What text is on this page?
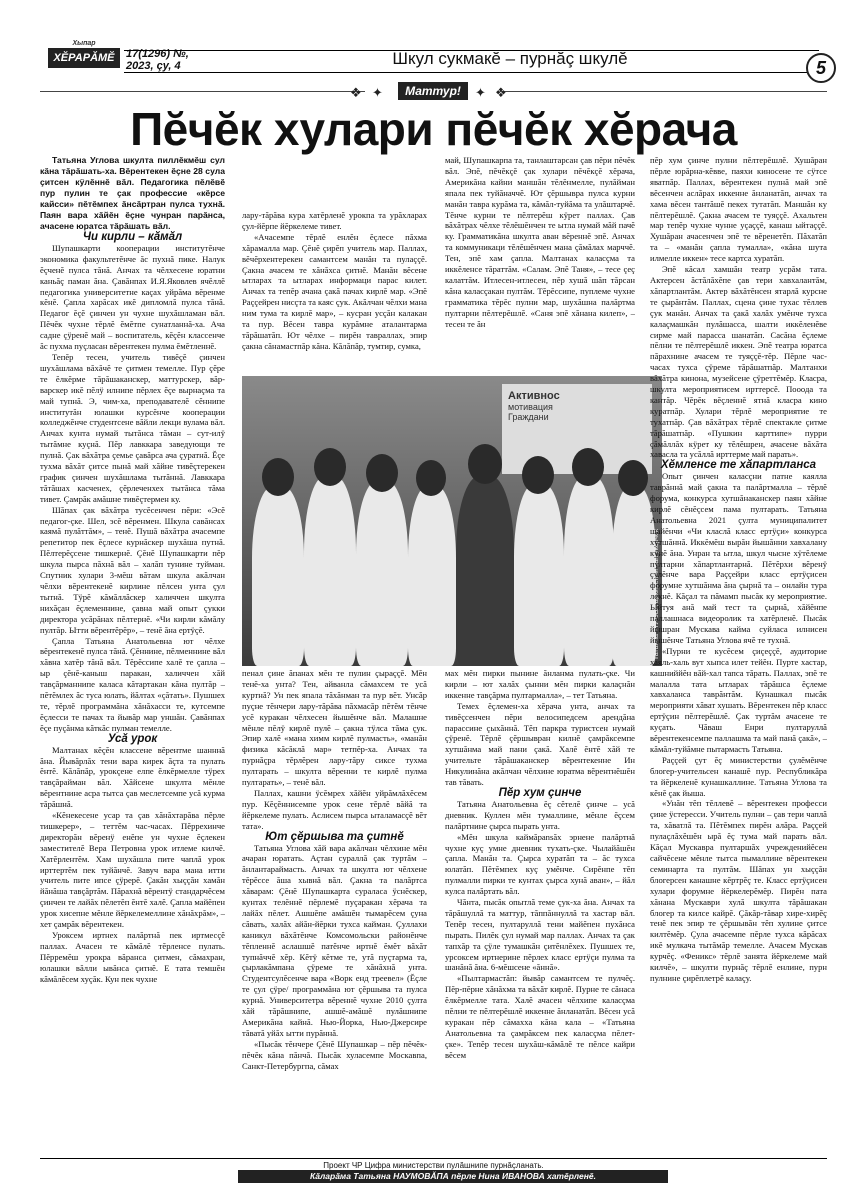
Хыпар
ХĔРАРĂМĔ	17(1296) №,
2023, çу, 4	Шкул сукмакĕ – пурнăç шкулĕ	5
❖ ✦	Маттур!	✦ ❖
Пĕчĕк хулари пĕчĕк хĕрача

Татьяна Углова шкулта пиллĕкмĕш сул кăна тăрăшать-ха. Вĕрентекен ĕçне 28 сула çитсен кÿлĕннĕ вăл. Педагогика пĕлĕвĕ пур пулин те çак профессие «кĕрсе кайсси» пĕтĕмпех ăнсăртран пулса тухнă. Паян вара хăйĕн ĕçне чунран парăнса, ачасене юратса тăрăшать вăл.

Чи кирли – кăмăл

Шупашкарти кооперации институтĕнче экономика факультетĕнче ăс пухнă пике. Налук ĕçченĕ пулса тăнă. Анчах та чĕлхесене юратни каньăç паман ăна. Çавăнпах И.Я.Яковлев ячĕллĕ педагогика университетне каçах уйрăма вĕренме кĕнĕ. Çапла харăсах икĕ дипломлă пулса тăнă. Педагог ĕçĕ çинчен ун чухне шухăшламан вăл. Пĕчĕк чухне тĕрлĕ ĕмĕтпе сунатланнă-ха. Ача садне çÿренĕ май – воспитатель, кĕçĕн классенче ăс пухма пуçласан вĕрентекен пулма ĕмĕтленнĕ.

Тепĕр тесен, учитель тивĕçĕ çинчен шухăшлама вăхăчĕ те çитмен темелле. Пур çĕре те ĕлкĕрме тăрăшаканскер, маттурскер, вăр-варскер икĕ пĕлÿ илнипе пĕрлех ĕçе вырнаçма та май тупнă. Э, чим-ха, преподавателĕ сĕннипе институтăн юлашки курсĕнче кооперации колледжĕнче студентсене вăйли лекци вулама вăл. Анчах кунта нумай тытăнса тăман – сут-илÿ тытăмне куçнă. Пĕр лавккара заведующи те пулнă. Çак вăхăтра çемье çавăрса ача çуратнă. Ĕçе тухма вăхăт çитсе пынă май хăйне тивĕçтерекен график çинчен шухăшлама тытăннă. Лавккара тăтăшах касченех, çĕрлеченхех тытăнса тăма тивет. Çамрăк амăшне тивĕçтермен ку.

Шăпах çак вăхăтра тусĕсенчен пĕри: «Эсĕ педагог-çке. Шел, эсĕ вĕренмен. Шкула савăнсах каямă пулăттăм», – тенĕ. Пушă вăхăтра ачасемпе репетитор пек ĕçлесе курнăскер шухăша путнă. Пĕлтерĕçсене тишкернĕ. Çĕнĕ Шупашкарти пĕр шкула пырса пăхнă вăл – халăп тунине туйман. Спутник хулари 3-мĕш вăтам шкула акăлчан чĕлхи вĕрентекенĕ кирлине пĕлсен унта çул тытнă. Тÿрĕ кăмăллăскер халиччен шкулта нихăçан ĕçлеменнине, çавна май опыт çукки директора усăрăнах пĕлтернĕ. «Чи кирли кăмăлу пултăр. Ытти вĕрентĕрĕр», – тенĕ ăна ертÿçĕ.

Çапла Татьяна Анатольевна ют чĕлхе вĕрентекенĕ пулса тăнă. Çĕннине, пĕлменнине вăл хăвна хатĕр тăнă вăл. Тĕрĕссипе халĕ те çапла – ыр çĕнĕ-каныш паракан, халиччен хăй тавçăрманнипе каласа кăтартакан кăна пултăр – пĕтĕмлех ăс туса юлать, йăлтах «çăтать». Пушшех те, тĕрлĕ программăна хăнăхасси те, кутсемпе ĕçлесси те пачах та йывăр мар уншăн. Çавăнпах ĕçе пуçăнма кăткăс пулман темелле.

Усă урок

Малтанах кĕçĕн классене вĕрентме шанннă ăна. Йывăрлăх тени вара кирек ăçта та пулать ĕнтĕ. Кăлăпăр, урокçене елпе ĕлкĕрмелле тÿрех тавçăрайман вăл. Хăйсене шкулта мĕнле вĕрентнине асра тытса çав меслетсемпе усă курма тăрăшнă.

«Кĕнекесене усар та çав хăнăхтарăва пĕрле тишкерер», – теттĕм час-часах. Пĕррехинче директорăн вĕренÿ енĕпе ун чухне ĕçлекен заместителĕ Вера Петровна урок итлеме килчĕ. Хатĕрлентĕм. Хам шухăшла пите чаплă урок ирттертĕм пек туйăнчĕ. Завуч вара мана итти учитель пите ипсе çÿрерĕ. Çакăн хыççăн хамăн йăнăша тавçăртăм. Пăрахнă вĕрентÿ стандарчĕсем çинчен те лайăх пĕлетĕп ĕнтĕ халĕ. Çапла майĕпен урок хисепне мĕнле йĕркелемеллине хăнăхрăм», – хет çамрăк вĕрентекен.

Уроксем иртнех палăртнă пек иртмесçĕ паллах. Ачасен те кăмăлĕ тĕрленсе пулать. Пĕрремĕш урокра вăранса çитмен, сăмахран, юлашки вăлли ывăнса çитнĕ. Е тата темшĕн кăмăлĕсем хуçăк. Кун пек чухне

лару-тăрăва кура хатĕрленĕ урокпа та урăхларах çул-йĕрпе йĕркелеме тивет.

«Ачасемпе тĕрлĕ енлĕн ĕçлесе пăхма хăрамалла мар. Çĕнĕ çирĕп учитель мар. Паллах, вĕчĕрхентерекен самантсем манăн та пулаççĕ. Çакна ачасем те хăнăхса çитнĕ. Манăн вĕсене ытларах та ытларах информаци парас килет. Анчах та тепĕр ачана çакă пачах кирлĕ мар. «Эпĕ Раççейрен нисçта та каяс çук. Акăлчан чĕлхи мана ним тума та кирлĕ мар», – кусран усçăн калакан та пур. Вĕсен тавра курăмне аталантарма тăрăшатăп. Ют чĕлхе – пирĕн тавраллах, эпир çакна сăнамастпăр кăна. Кăлăпăр, тумтир, сумка,

май, Шупашкарпа та, танлаштарсан çав пĕри пĕчĕк вăл. Эпĕ, пĕчĕкçĕ çак хулари пĕчĕкçĕ хĕрача, Америкăна кайни маншăн тĕлĕнмелле, пулăйман япала пек туйăначчĕ. Ют çĕршывра пулса курни манăн тавра курăма та, кăмăл-туйăма та улăштарчĕ. Тĕнче курни те пĕлтерĕш кÿрет паллах. Çав вăхăтрах чĕлхе тĕлĕшĕнчен те ытла нумай мăй пачĕ ку. Грамматикăна шкулта аван вĕреннĕ эпĕ. Анчах та коммуникаци тĕлĕшĕнчен мана çăмăлах марччĕ. Тен, эпĕ хам çапла. Малтанах каласçма та иккĕленсе тăраттăм. «Салам. Эпĕ Таня», – тесе çеç калаттăм. Итлесен-итлесен, пĕр хушă шăп тăрсан кăна каласçакан пултăм. Тĕрĕссипе, пуплеме чухне грамматика тĕрĕс пулни мар, шухăшна палăртма пултарни пĕлтерĕшлĕ. «Саня эпĕ хăнана килеп», – тесен те ăн

Активнос
мотивация
Граждани
Татьяна УГЛОВА архивĕнчи сăн ÿкерчĕк

пенал çине ăпанах мĕн те пулин çыраççĕ. Мĕн тенĕ-ха унта? Тен, айванла сăмахсем те усă куртнă? Ун пек япала тăхăнман та пур вĕт. Унсăр пуçне тĕнчери лару-тăрăва пăхмасăр пĕтĕм тĕнче усĕ куракан чĕлхесен йышĕнче вăл. Малашне мĕнле пĕлÿ кирлĕ пулĕ – çакна тÿлса тăма çук. Эпир халĕ «мана химм кирлĕ пулмасть», «манăн физика кăсăклă мар» тетпĕр-ха. Анчах та пурнăçра тĕрлĕрен лару-тăру сиксе тухма пултарать – шкулта вĕренни те кирлĕ пулма пултарать», – тенĕ вăл.

Паллах, кашни ÿсĕмрех хăйĕн уйрăмлăхĕсем пур. Кĕçĕннисемпе урок сене тĕрлĕ вăйă та йĕркелеме пулать. Аслисем пырса ыталамасçĕ вĕт тата».

Ют çĕршыва та çитнĕ

Татьяна Углова хăй вара акăлчан чĕлхине мĕн ачаран юратать. Аçтан сураллă çак туртăм – ăнлантараймасть. Анчах та шкулта ют чĕлхене тĕрĕссе ăша хывнă вăл. Çакна та палăртса хăварам: Çĕнĕ Шупашкарта сураласа ÿснĕскер, кунтах телĕннĕ пĕрлемĕ пуçаракан хĕрача та лайăх пĕлет. Ашшĕпе амăшĕн тымарĕсем çуна сăвать, халăх айăн-йĕрки тухса кайман. Çуллахи каникул вăхăтĕнче Комсомольски районĕнче тĕпленнĕ аслашшĕ патĕнче иртнĕ ĕмĕт вăхăт тупнăччĕ хĕр. Кĕтÿ кĕтме те, утă пуçтарма та, çырлакăмпана çÿреме те хăнăхнă унта. Студентсулĕсенче вара «Ворк енд треевел» (Ĕçле те çул çÿре/ программăна ют çĕршыва та пулса курнă. Университетра вĕреннĕ чухне 2010 çулта хăй тăрăшнипе, ашшĕ-амăшĕ пулăшнипе Америкăна кайнă. Нью-Йорка, Нью-Джерсире тăватă уйăх ытти пурăннă.

«Пысăк тĕнчере Çĕнĕ Шупашкар – пĕр пĕчĕк-пĕчĕк кăна пăнчă. Пысăк хуласемпе Москавпа, Санкт-Петербургпа, сăмах

мах мĕн пирки пынине ăнланма пулать-çке. Чи кирли – ют халăх çынни мĕн пирки калаçнăн иккенне тавçăрма пултармалла», – тет Татьяна.

Темех ĕçлемен-ха хĕрача унта, анчах та тивĕçсенчен пĕри велосипедсем арендăна парассине çыхăннă. Тĕп паркра туристсен нумай çÿренĕ. Тĕрлĕ çĕршывран килнĕ çамрăксемпе хутшăнма май пани çакă. Халĕ ĕнтĕ хăй те учительте тăрăшаканскер вĕрентекенне Ин Никулинăна акăлчан чĕлхине юратма вĕрентнĕшĕн тав тăвать.

Пĕр хум çинче

Татьяна Анатольевна ĕç сĕтелĕ çинче – усă дневник. Куллен мĕн тумаллине, мĕнле ĕçсем палăртнине çырса пырать унта.

«Мĕн шкула каймăрansăх эрнене палăртнă чухне куç умне дневник тухать-çке. Чылайăшĕн çапла. Манăн та. Çырса хуратăп та – ăс тухса юлатăп. Пĕтĕмпех куç умĕнче. Сирĕнпе тĕп пулмалли пирки те кунтах çырса хунă аван», – йăл кулса палăртать вăл.

Чăнта, пысăк опытлă теме çук-ха ăна. Анчах та тăрăшуллă та маттур, тăппăннуллă та хастар вăл. Тепĕр тесен, пултаруллă тени майĕпен пухăнса пырать. Пилĕк çул нумай мар паллах. Анчах та çак тапхăр та çÿле тумашкăн çитĕнлĕхех. Пушшех те, урсоксем иртнерине пĕрлех класс ертÿçи пулма та шанăнă ăна. 6-мĕшсене «ăннă».

«Пылтармастăп: йывăр самантсем те пулчĕç. Пĕр-пĕрне хăнăхма та вăхăт кирлĕ. Пурне те сăнаса ĕлкĕрмелле тата. Халĕ ачасен чĕлхипе каласçма пĕлни те пĕлтерĕшлĕ иккенне ăнланатăп. Вĕсен усă куракан пĕр сăмахха кăна кала – «Татьяна Анатольевна та çамрăксем пек каласçма пĕлет-çке». Тепĕр тесен шухăш-кăмăлĕ те пĕлсе кайри вĕсем

пĕр хум çинче пулни пĕлтерĕшлĕ. Хушăран пĕрле юрăрна-кĕвве, паяхи киносене те сÿтсе яватпăр. Паллах, вĕрентекен пулнă май эпĕ вĕсенчен аслăрах иккенне ăнланатăп, анчах та хама вĕсен тантăшĕ пекех тутатăп. Маншăн ку пĕлтерĕшлĕ. Çакна ачасем те туяççĕ. Ахальтен мар тепĕр чухне чунне уçаççĕ, канаш ыйтаççĕ. Хушăран ачасенчен эпĕ те вĕренетĕп. Пăхатăп та – «манăн çапла тумалла», «кăна шута илмелле иккен» тесе картса хуратăп.

Эпĕ кăсал хамшăн театр усрăм тата. Актерсен ăстăлăхĕпе çав тери хавхалантăм, хăпартлантăм. Актер вăхăтĕнсен ятарлă курсне те çырăнтăм. Паллах, сцена çине тухас тĕллев çук манăн. Анчах та çакă халăх умĕнче тухса калаçмашкăн пулăшасса, шалти иккĕленĕве сирме май парасса шанатăп. Сасăна ĕçлеме пĕлни те пĕлтерĕшлĕ иккен. Эпĕ театра юратса пăрахнине ачасем те туяççĕ-тĕр. Пĕрле час-часах тухса çÿреме тăрăшатпăр. Малтанхи вăхăтра кинона, музейсене çÿреттĕмĕр. Класра, шкулта мероприятисем ирттерсĕ. Пооода та кантăр. Чĕрĕк вĕçленнĕ ятнă класра кино куратпăр. Хулари тĕрлĕ мероприятие те тухатпăр. Çав вăхăтрах тĕрлĕ спектакле çитме тăрăшатпăр. «Пушкин карттипе» пурри çăмăллăх кÿрет ку тĕлĕшрен, ачасене вăхăта хавасла та усăллă ирттерме май парать».

Хĕмленсе те хăпартланса

Опыт çинчен каласçни патне каялла таврăннă май çакна та палăртмалла – тĕрлĕ форума, конкурса хутшăнаканскер паян хăйне кирлĕ сĕнĕçсем пама пултарать. Татьяна Анатольевна 2021 çулта муниципалитет шайĕнчи «Чи класлă класс ертÿçи» конкурса хутшăннă. Иккĕмĕш вырăн йышăнни хавхалану кÿнĕ ăна. Унран та ытла, шкул чысне хÿтĕлеме пултарни хăпартлантарнă. Пĕтĕрхи вĕренÿ çулĕнче вара Раççейри класс ертÿçисен форумне хутшăнма ăна çырнă та – онлайн тура лекнĕ. Кăçал та пăмамп пысăк ку мероприятие. Ыйтуя анă май тест та çырнă, хăйĕнпе паллашнаса видеоролик та хатĕрленĕ. Пысăк йышран Мускава каймa суйласа илнисен йышĕнче Татьяна Углова ячĕ те тухнă.

«Пурни те кусĕсем çиçеççĕ, аудиторие хаяль-халь вут хыпса илет тейĕн. Пурте хастар, кашниййĕн вăй-хал тапса тăрать. Паллах, эпĕ те малалла тата ытларах тăрăшса ĕçлеме хавхаланса таврăнтăм. Кунашкал пысăк мероприяти хăват хушать. Вĕрентекен пĕр класс ертÿçин пĕлтерĕшлĕ. Çак туртăм ачасене те куçать. Чăваш Енри пултаруллă вĕрентекенсемпе паллашма та май панă çакă», – кăмăл-туйăмне пытармасть Татьяна.

Раççей çут ĕç министерстви çулĕмĕнче блогер-учительсен канашĕ пур. Республикăра та йĕркеленĕ кунашкаллине. Татьяна Углова та кĕнĕ çак йыша.

«Унăн тĕп тĕллевĕ – вĕрентекен професси çине ÿстересси. Учитель пулни – çав тери чаплă та, хăватлă та. Пĕтĕмпех пирĕн алăра. Раççей пулаçлăхĕшĕн ырă ĕç тума май парать вăл. Кăçал Мускавра пултаршăх учрежденийĕсен сайчĕсене мĕнле тытса пымаллине вĕрентекен семинарта та пултăм. Шăпах ун хыççăн блогерсен канашне кĕртрĕç те. Класс ертÿçисен хулари форумне йĕркелерĕмĕр. Пирĕн пата хăнана Мускаври хулă шкулта тăрăшакан блогер та килсе кайрĕ. Çăкăр-тăвар хире-хирĕç тенĕ пек эпир те çĕршывăн тĕп хулине çитсе килтĕмĕр. Çула ачасемпе пĕрле тухса кăрăсах икĕ мулкача тытăмăр темелле. Ачасем Мускав курчĕç. «Феникс» тĕрлĕ занята йĕркелеме май килчĕ», – шкулти пурнăç тĕрлĕ енлине, пурн пулнине çирĕплетрĕ калаçу.

Проект ЧР Цифра министерстви пулăшнипе пурнăçланать.
Кăларăма Татьяна НАУМОВĂПА пĕрле Нина ИВАНОВА хатĕрленĕ.
